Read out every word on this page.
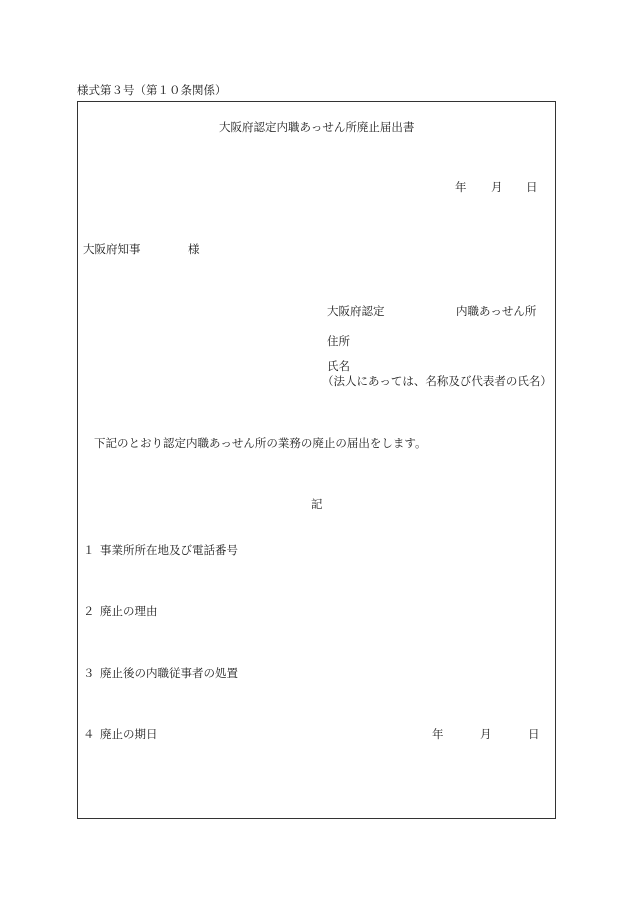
様式第３号（第１０条関係）
大阪府認定内職あっせん所廃止届出書
年 月 日
大阪府知事	様
大阪府認定	内職あっせん所
住所
氏名
（法人にあっては、名称及び代表者の氏名）
下記のとおり認定内職あっせん所の業務の廃止の届出をします。
記
１ 事業所所在地及び電話番号
２ 廃止の理由
３ 廃止後の内職従事者の処置
４ 廃止の期日	年	月	日
